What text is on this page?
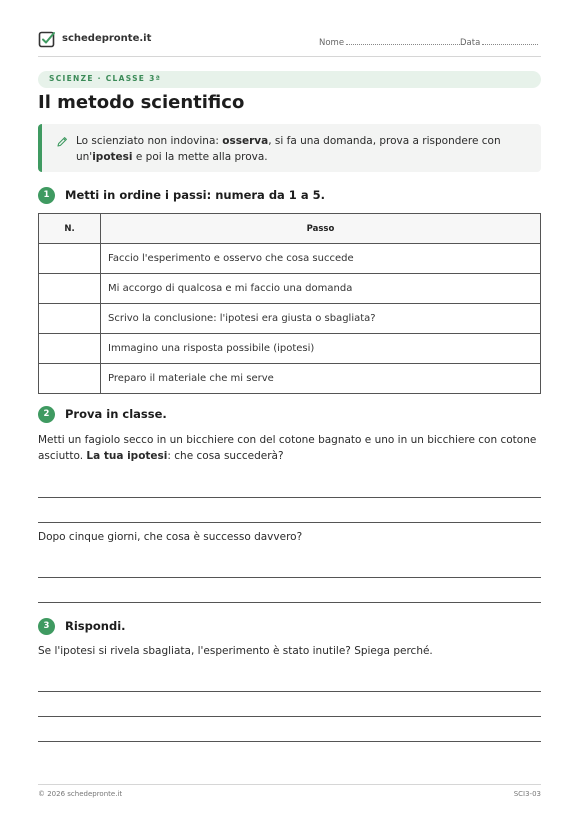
schedepronte.it	Nome	Data
SCIENZE · CLASSE 3ª
Il metodo scientifico
Lo scienziato non indovina: osserva, si fa una domanda, prova a rispondere con un'ipotesi e poi la mette alla prova.
1	Metti in ordine i passi: numera da 1 a 5.
N.	Passo
	Faccio l'esperimento e osservo che cosa succede
	Mi accorgo di qualcosa e mi faccio una domanda
	Scrivo la conclusione: l'ipotesi era giusta o sbagliata?
	Immagino una risposta possibile (ipotesi)
	Preparo il materiale che mi serve
2	Prova in classe.
Metti un fagiolo secco in un bicchiere con del cotone bagnato e uno in un bicchiere con cotone asciutto. La tua ipotesi: che cosa succederà?
Dopo cinque giorni, che cosa è successo davvero?
3	Rispondi.
Se l'ipotesi si rivela sbagliata, l'esperimento è stato inutile? Spiega perché.
© 2026 schedepronte.it	SCI3-03
